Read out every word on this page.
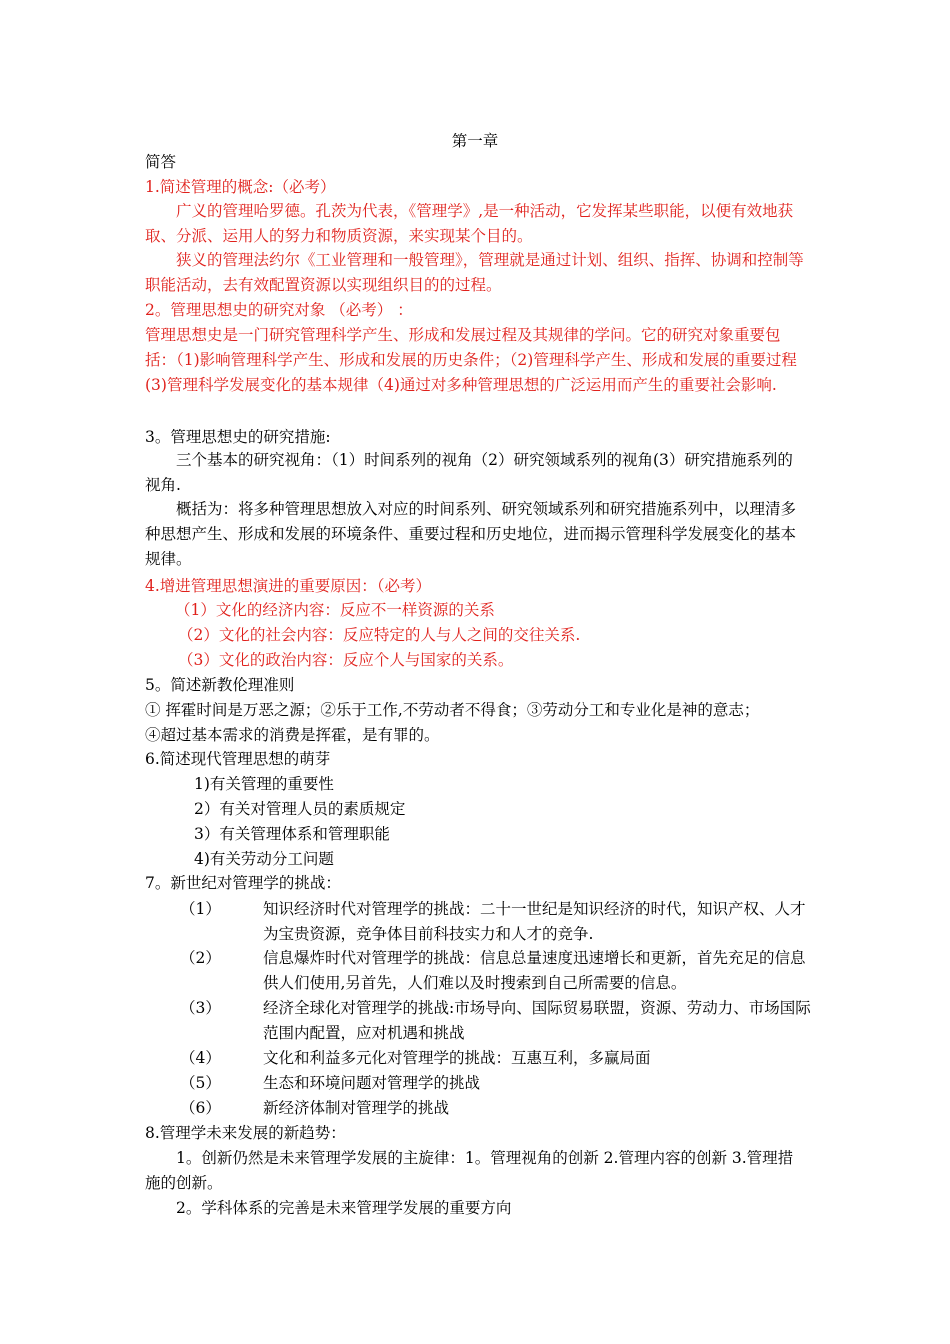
第一章
简答
1.简述管理的概念:（必考）
广义的管理哈罗德。孔茨为代表，《管理学》,是一种活动，它发挥某些职能，以便有效地获取、分派、运用人的努力和物质资源，来实现某个目的。
狭义的管理法约尔《工业管理和一般管理》，管理就是通过计划、组织、指挥、协调和控制等职能活动，去有效配置资源以实现组织目的的过程。
2。管理思想史的研究对象 （必考） ：
管理思想史是一门研究管理科学产生、形成和发展过程及其规律的学问。它的研究对象重要包括：（1)影响管理科学产生、形成和发展的历史条件；（2)管理科学产生、形成和发展的重要过程(3)管理科学发展变化的基本规律（4)通过对多种管理思想的广泛运用而产生的重要社会影响.
3。管理思想史的研究措施:
三个基本的研究视角：（1）时间系列的视角（2）研究领域系列的视角(3）研究措施系列的视角.
概括为：将多种管理思想放入对应的时间系列、研究领域系列和研究措施系列中，以理清多种思想产生、形成和发展的环境条件、重要过程和历史地位，进而揭示管理科学发展变化的基本规律。
4.增进管理思想演进的重要原因：（必考）
（1）文化的经济内容：反应不一样资源的关系
（2）文化的社会内容：反应特定的人与人之间的交往关系.
（3）文化的政治内容：反应个人与国家的关系。
5。简述新教伦理准则
① 挥霍时间是万恶之源；②乐于工作,不劳动者不得食；③劳动分工和专业化是神的意志；
④超过基本需求的消费是挥霍，是有罪的。
6.简述现代管理思想的萌芽
1)有关管理的重要性
2）有关对管理人员的素质规定
3）有关管理体系和管理职能
4)有关劳动分工问题
7。新世纪对管理学的挑战：
（1）	知识经济时代对管理学的挑战：二十一世纪是知识经济的时代，知识产权、人才为宝贵资源，竞争体目前科技实力和人才的竞争.
（2）	信息爆炸时代对管理学的挑战：信息总量速度迅速增长和更新，首先充足的信息供人们使用,另首先，人们难以及时搜索到自己所需要的信息。
（3）	经济全球化对管理学的挑战:市场导向、国际贸易联盟，资源、劳动力、市场国际范围内配置，应对机遇和挑战
（4）	文化和利益多元化对管理学的挑战：互惠互利，多赢局面
（5）	生态和环境问题对管理学的挑战
（6）	新经济体制对管理学的挑战
8.管理学未来发展的新趋势：
1。创新仍然是未来管理学发展的主旋律：1。管理视角的创新 2.管理内容的创新 3.管理措施的创新。
2。学科体系的完善是未来管理学发展的重要方向
